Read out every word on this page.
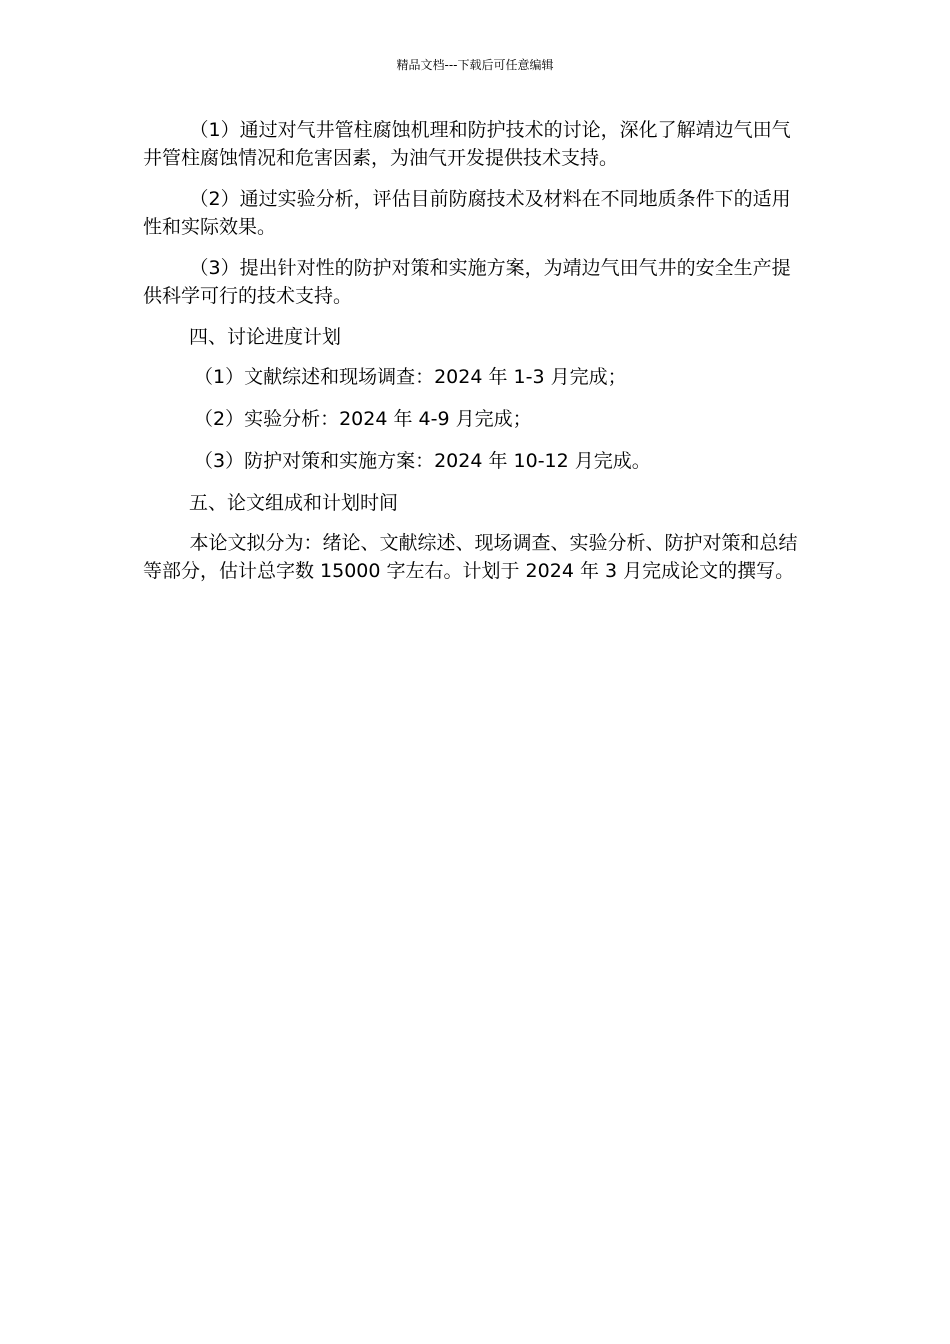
精品文档---下载后可任意编辑

（1）通过对气井管柱腐蚀机理和防护技术的讨论，深化了解靖边气田气井管柱腐蚀情况和危害因素，为油气开发提供技术支持。

（2）通过实验分析，评估目前防腐技术及材料在不同地质条件下的适用性和实际效果。

（3）提出针对性的防护对策和实施方案，为靖边气田气井的安全生产提供科学可行的技术支持。

四、讨论进度计划

（1）文献综述和现场调查：2024 年 1-3 月完成；

（2）实验分析：2024 年 4-9 月完成；

（3）防护对策和实施方案：2024 年 10-12 月完成。

五、论文组成和计划时间

本论文拟分为：绪论、文献综述、现场调查、实验分析、防护对策和总结等部分，估计总字数 15000 字左右。计划于 2024 年 3 月完成论文的撰写。
